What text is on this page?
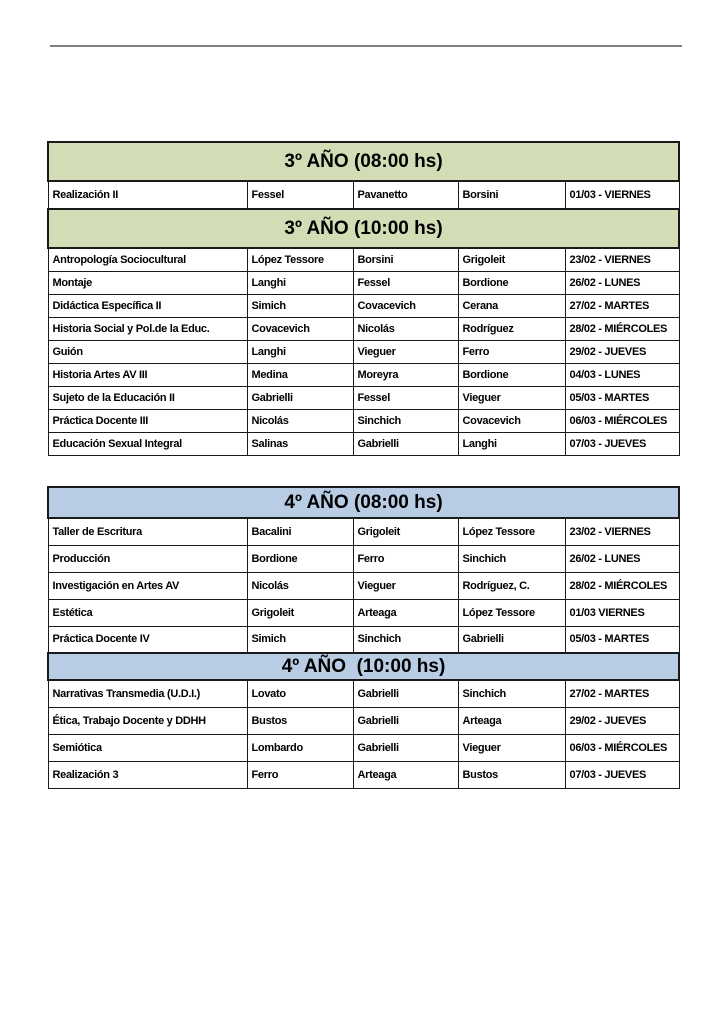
3º AÑO (08:00 hs)				
Realización II	Fessel	Pavanetto	Borsini	01/03 - VIERNES
3º AÑO (10:00 hs)				
Antropología Sociocultural	López Tessore	Borsini	Grigoleit	23/02 - VIERNES
Montaje	Langhi	Fessel	Bordione	26/02 - LUNES
Didáctica Específica II	Simich	Covacevich	Cerana	27/02 - MARTES
Historia Social y Pol.de la Educ.	Covacevich	Nicolás	Rodríguez	28/02 - MIÉRCOLES
Guión	Langhi	Vieguer	Ferro	29/02 - JUEVES
Historia Artes AV III	Medina	Moreyra	Bordione	04/03 - LUNES
Sujeto de la Educación II	Gabrielli	Fessel	Vieguer	05/03 - MARTES
Práctica Docente III	Nicolás	Sinchich	Covacevich	06/03 - MIÉRCOLES
Educación Sexual Integral	Salinas	Gabrielli	Langhi	07/03 - JUEVES
4º AÑO (08:00 hs)				
Taller de Escritura	Bacalini	Grigoleit	López Tessore	23/02 - VIERNES
Producción	Bordione	Ferro	Sinchich	26/02 - LUNES
Investigación en Artes AV	Nicolás	Vieguer	Rodríguez, C.	28/02 - MIÉRCOLES
Estética	Grigoleit	Arteaga	López Tessore	01/03 VIERNES
Práctica Docente IV	Simich	Sinchich	Gabrielli	05/03 - MARTES
4º AÑO  (10:00 hs)				
Narrativas Transmedia (U.D.I.)	Lovato	Gabrielli	Sinchich	27/02 - MARTES
Ética, Trabajo Docente y DDHH	Bustos	Gabrielli	Arteaga	29/02 - JUEVES
Semiótica	Lombardo	Gabrielli	Vieguer	06/03 - MIÉRCOLES
Realización 3	Ferro	Arteaga	Bustos	07/03 - JUEVES
